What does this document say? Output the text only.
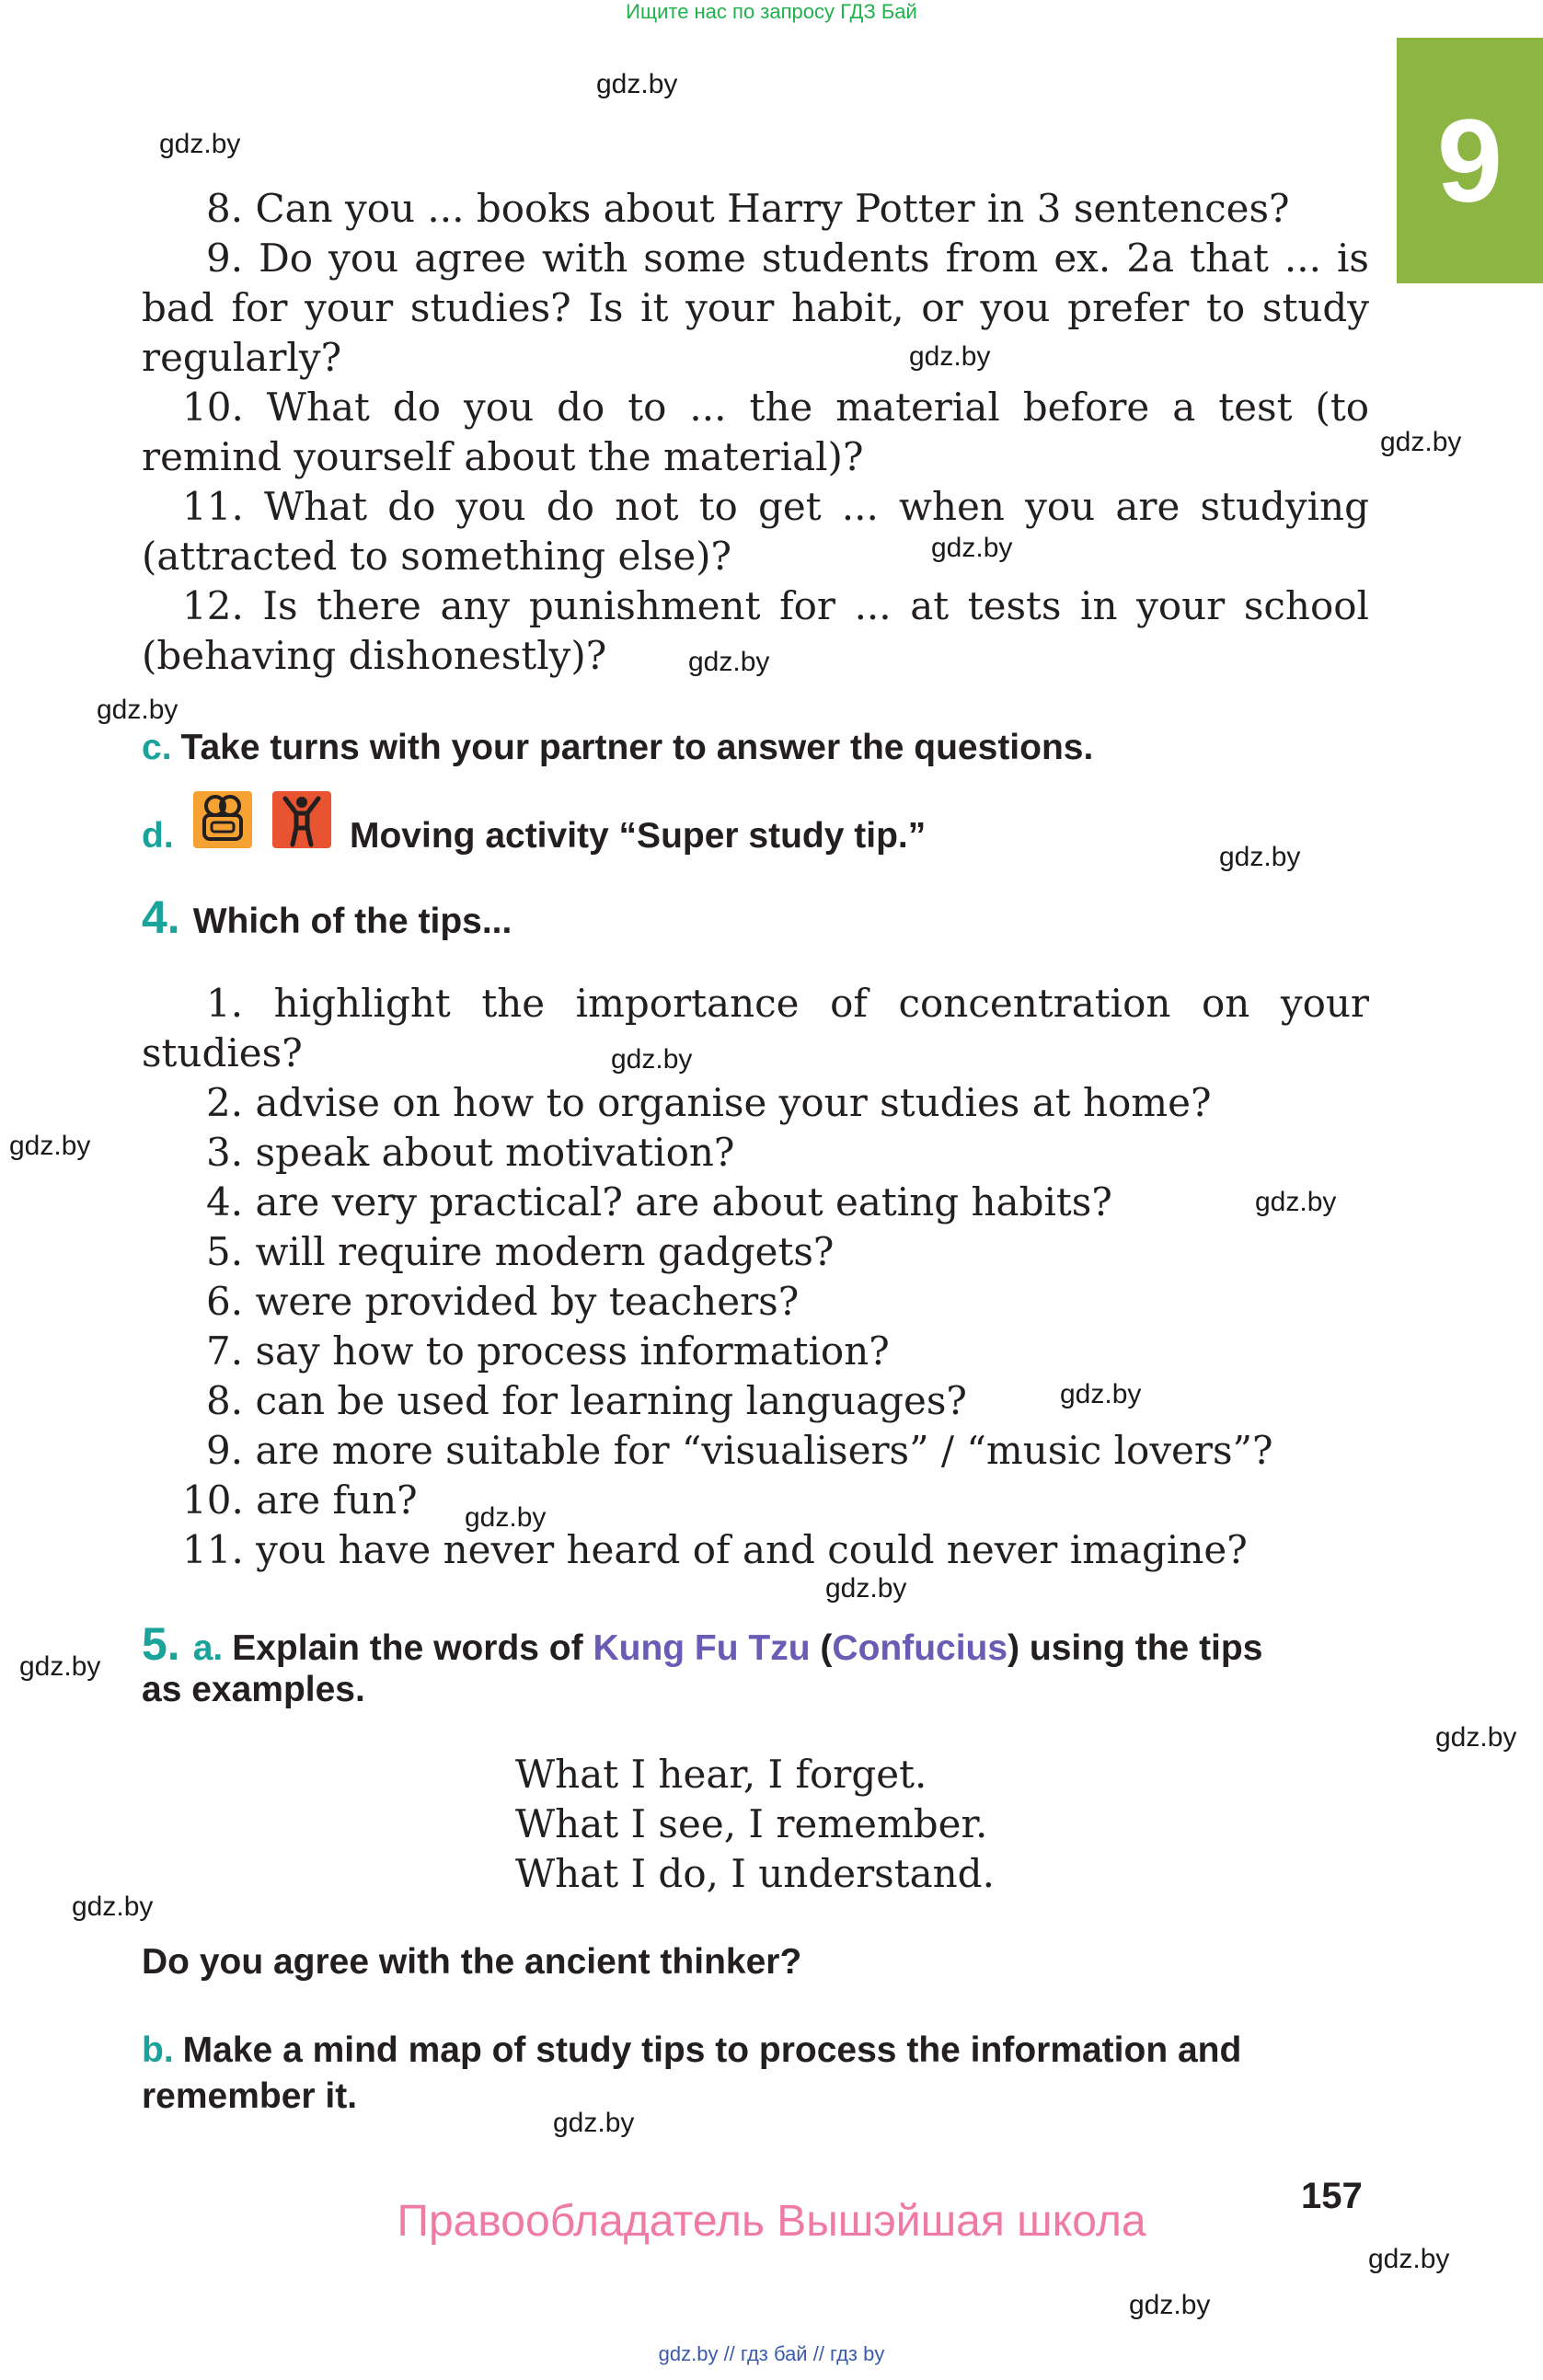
Ищите нас по запросу ГДЗ Бай
9
gdz.by
gdz.by
gdz.by
gdz.by
gdz.by
gdz.by
gdz.by
gdz.by
gdz.by
gdz.by
gdz.by
gdz.by
gdz.by
gdz.by
gdz.by
gdz.by
gdz.by
gdz.by
gdz.by
gdz.by
8. Can you ... books about Harry Potter in 3 sentences?
9. Do you agree with some students from ex. 2a that ... is bad for your studies? Is it your habit, or you prefer to study regularly?
10. What do you do to ... the material before a test (to remind yourself about the material)?
11. What do you do not to get ... when you are studying (attracted to something else)?
12. Is there any punishment for ... at tests in your school (behaving dishonestly)?
c. Take turns with your partner to answer the questions.
d.	Moving activity “Super study tip.”
4. Which of the tips...
1. highlight the importance of concentration on your studies?
2. advise on how to organise your studies at home?
3. speak about motivation?
4. are very practical? are about eating habits?
5. will require modern gadgets?
6. were provided by teachers?
7. say how to process information?
8. can be used for learning languages?
9. are more suitable for “visualisers” / “music lovers”?
10. are fun?
11. you have never heard of and could never imagine?
5. a. Explain the words of Kung Fu Tzu (Confucius) using the tips
as examples.
What I hear, I forget.
What I see, I remember.
What I do, I understand.
Do you agree with the ancient thinker?
b. Make a mind map of study tips to process the information and
remember it.
157
Правообладатель Вышэйшая школа
gdz.by // гдз бай // гдз by
